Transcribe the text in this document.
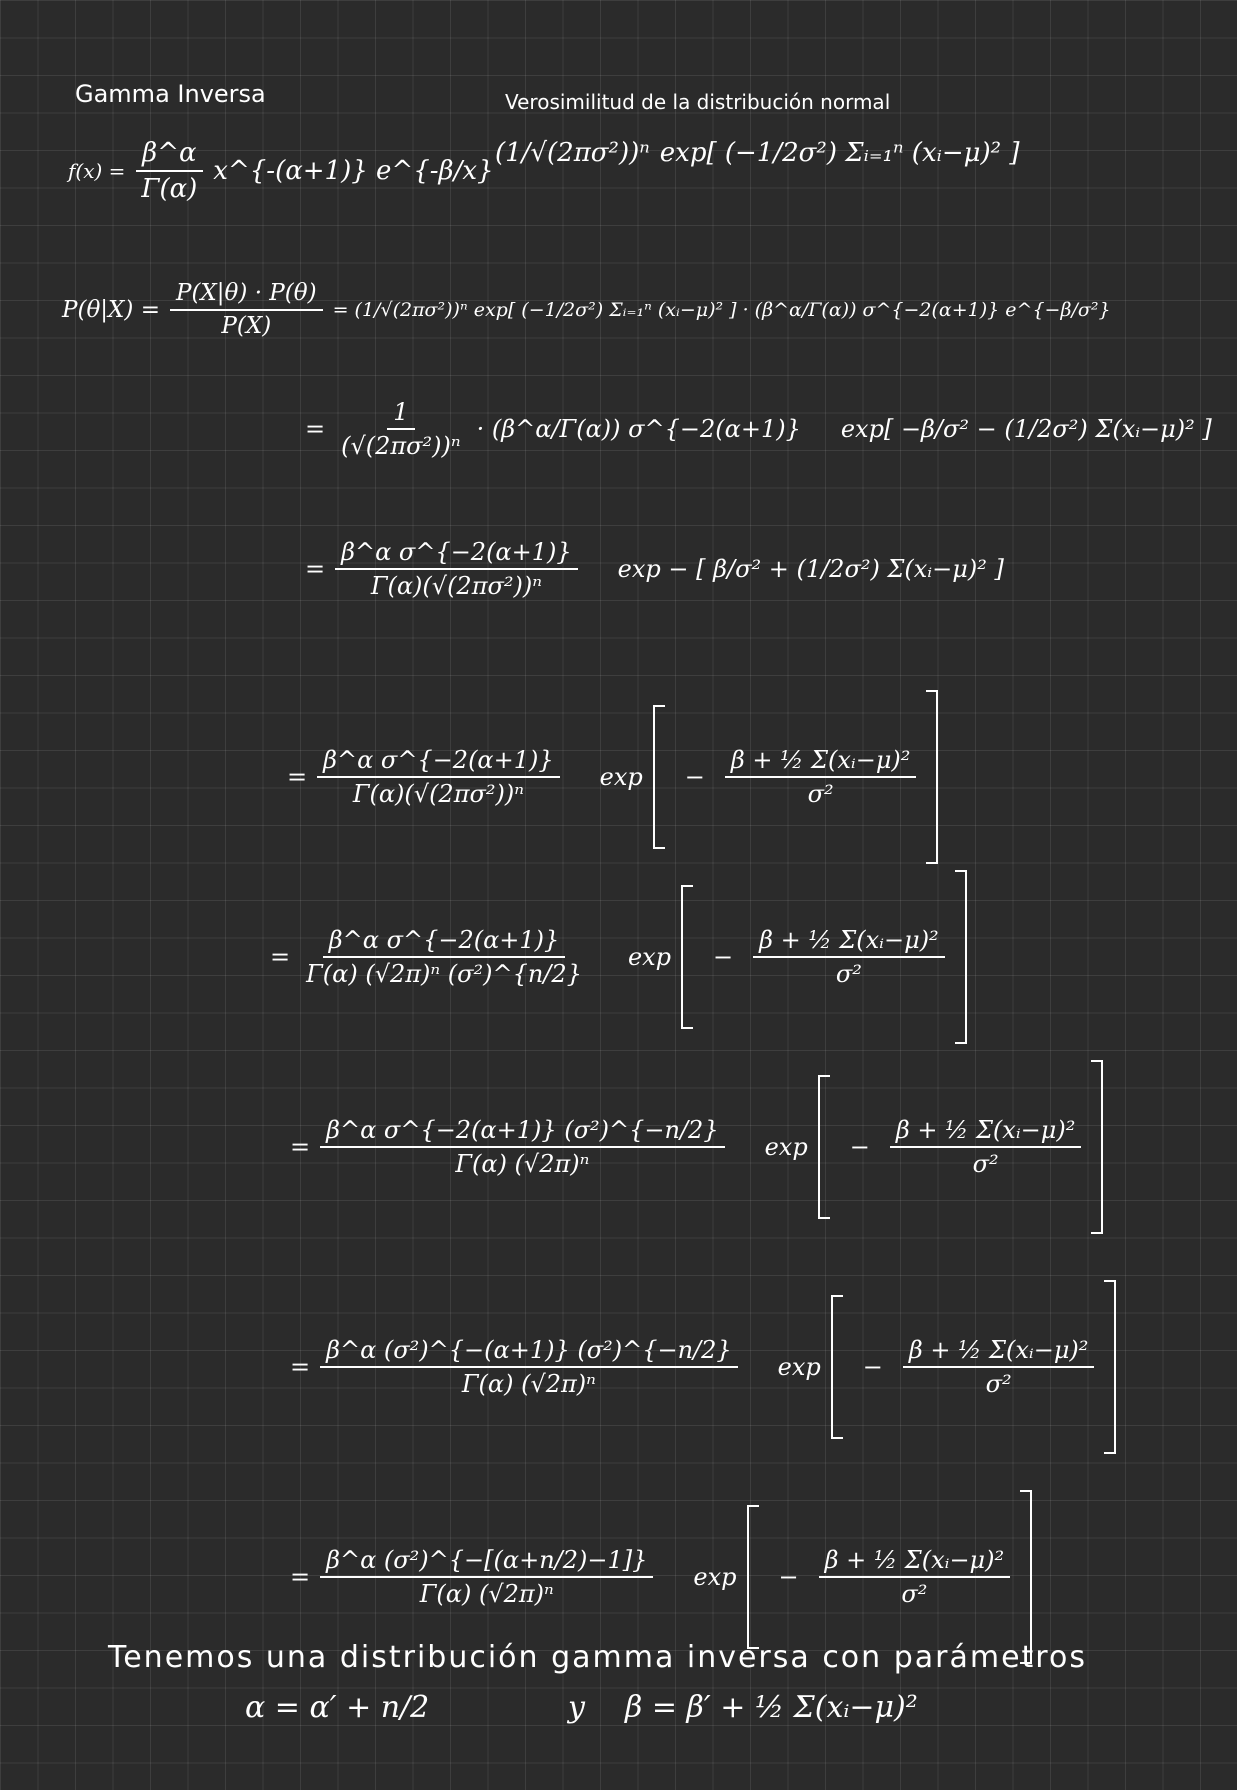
Gamma Inversa	Verosimilitud de la distribución normal
$f(x) = \frac{\beta\^{}\alpha}{\Gamma(\alpha)}$ x^{-(α+1)} e^{-β/x}
(1/√(2πσ²))ⁿ exp[ (−1/2σ²) Σᵢ₌₁ⁿ (xᵢ−μ)² ]
$P(\theta|X) = \frac{P(X|\theta) \cdot P(\theta)}{P(X)} = (1/√(2\pi\sigma^2))^n$ exp[ (−1/2σ²) Σᵢ₌₁ⁿ (xᵢ−μ)² ] · (β^α/Γ(α)) σ^{−2(α+1)} e^{−β/σ²}
= $\frac{1}{\text{(√(2πσ²))ⁿ}}$ · (β^α/Γ(α)) σ^{−2(α+1)} exp[ −β/σ² − (1/2σ²) Σ(xᵢ−μ)² ]
= $\frac{\text{β\textasciicircum{}α σ\textasciicircum{}\{−2(α+1)\}}}{\text{Γ(α)(√(2πσ²))ⁿ}}$ exp − [ β/σ² + (1/2σ²) Σ(xᵢ−μ)² ]
= $\frac{\text{β\textasciicircum{}α σ\textasciicircum{}\{−2(α+1)\}}}{\text{Γ(α)(√(2πσ²))ⁿ}}$ $\exp - \frac{\text{β + ½ Σ(xᵢ−μ)²}}{\text{σ²}}$
= $\frac{\text{β\textasciicircum{}α σ\textasciicircum{}\{−2(α+1)\}}}{\text{Γ(α) (√2π)ⁿ (σ²)\textasciicircum{}\{n/2\}}}$ $\exp - \frac{\text{β + ½ Σ(xᵢ−μ)²}}{\text{σ²}}$
= $\frac{\text{β\textasciicircum{}α σ\textasciicircum{}\{−2(α+1)\} (σ²)\textasciicircum{}\{−n/2\}}}{\text{Γ(α) (√2π)ⁿ}}$ $\exp - \frac{\text{β + ½ Σ(xᵢ−μ)²}}{\text{σ²}}$
= $\frac{\text{β\textasciicircum{}α (σ²)\textasciicircum{}\{−(α+1)\} (σ²)\textasciicircum{}\{−n/2\}}}{\text{Γ(α) (√2π)ⁿ}}$ $\exp - \frac{\text{β + ½ Σ(xᵢ−μ)²}}{\text{σ²}}$
= $\frac{\text{β\textasciicircum{}α (σ²)\textasciicircum{}\{−[(α+n/2)−1]\}}}{\text{Γ(α) (√2π)ⁿ}}$ $\exp - \frac{\text{β + ½ Σ(xᵢ−μ)²}}{\text{σ²}}$
Tenemos una distribución gamma inversa con parámetros
α = α′ + n/2	y β = β′ + ½ Σ(xᵢ−μ)²
